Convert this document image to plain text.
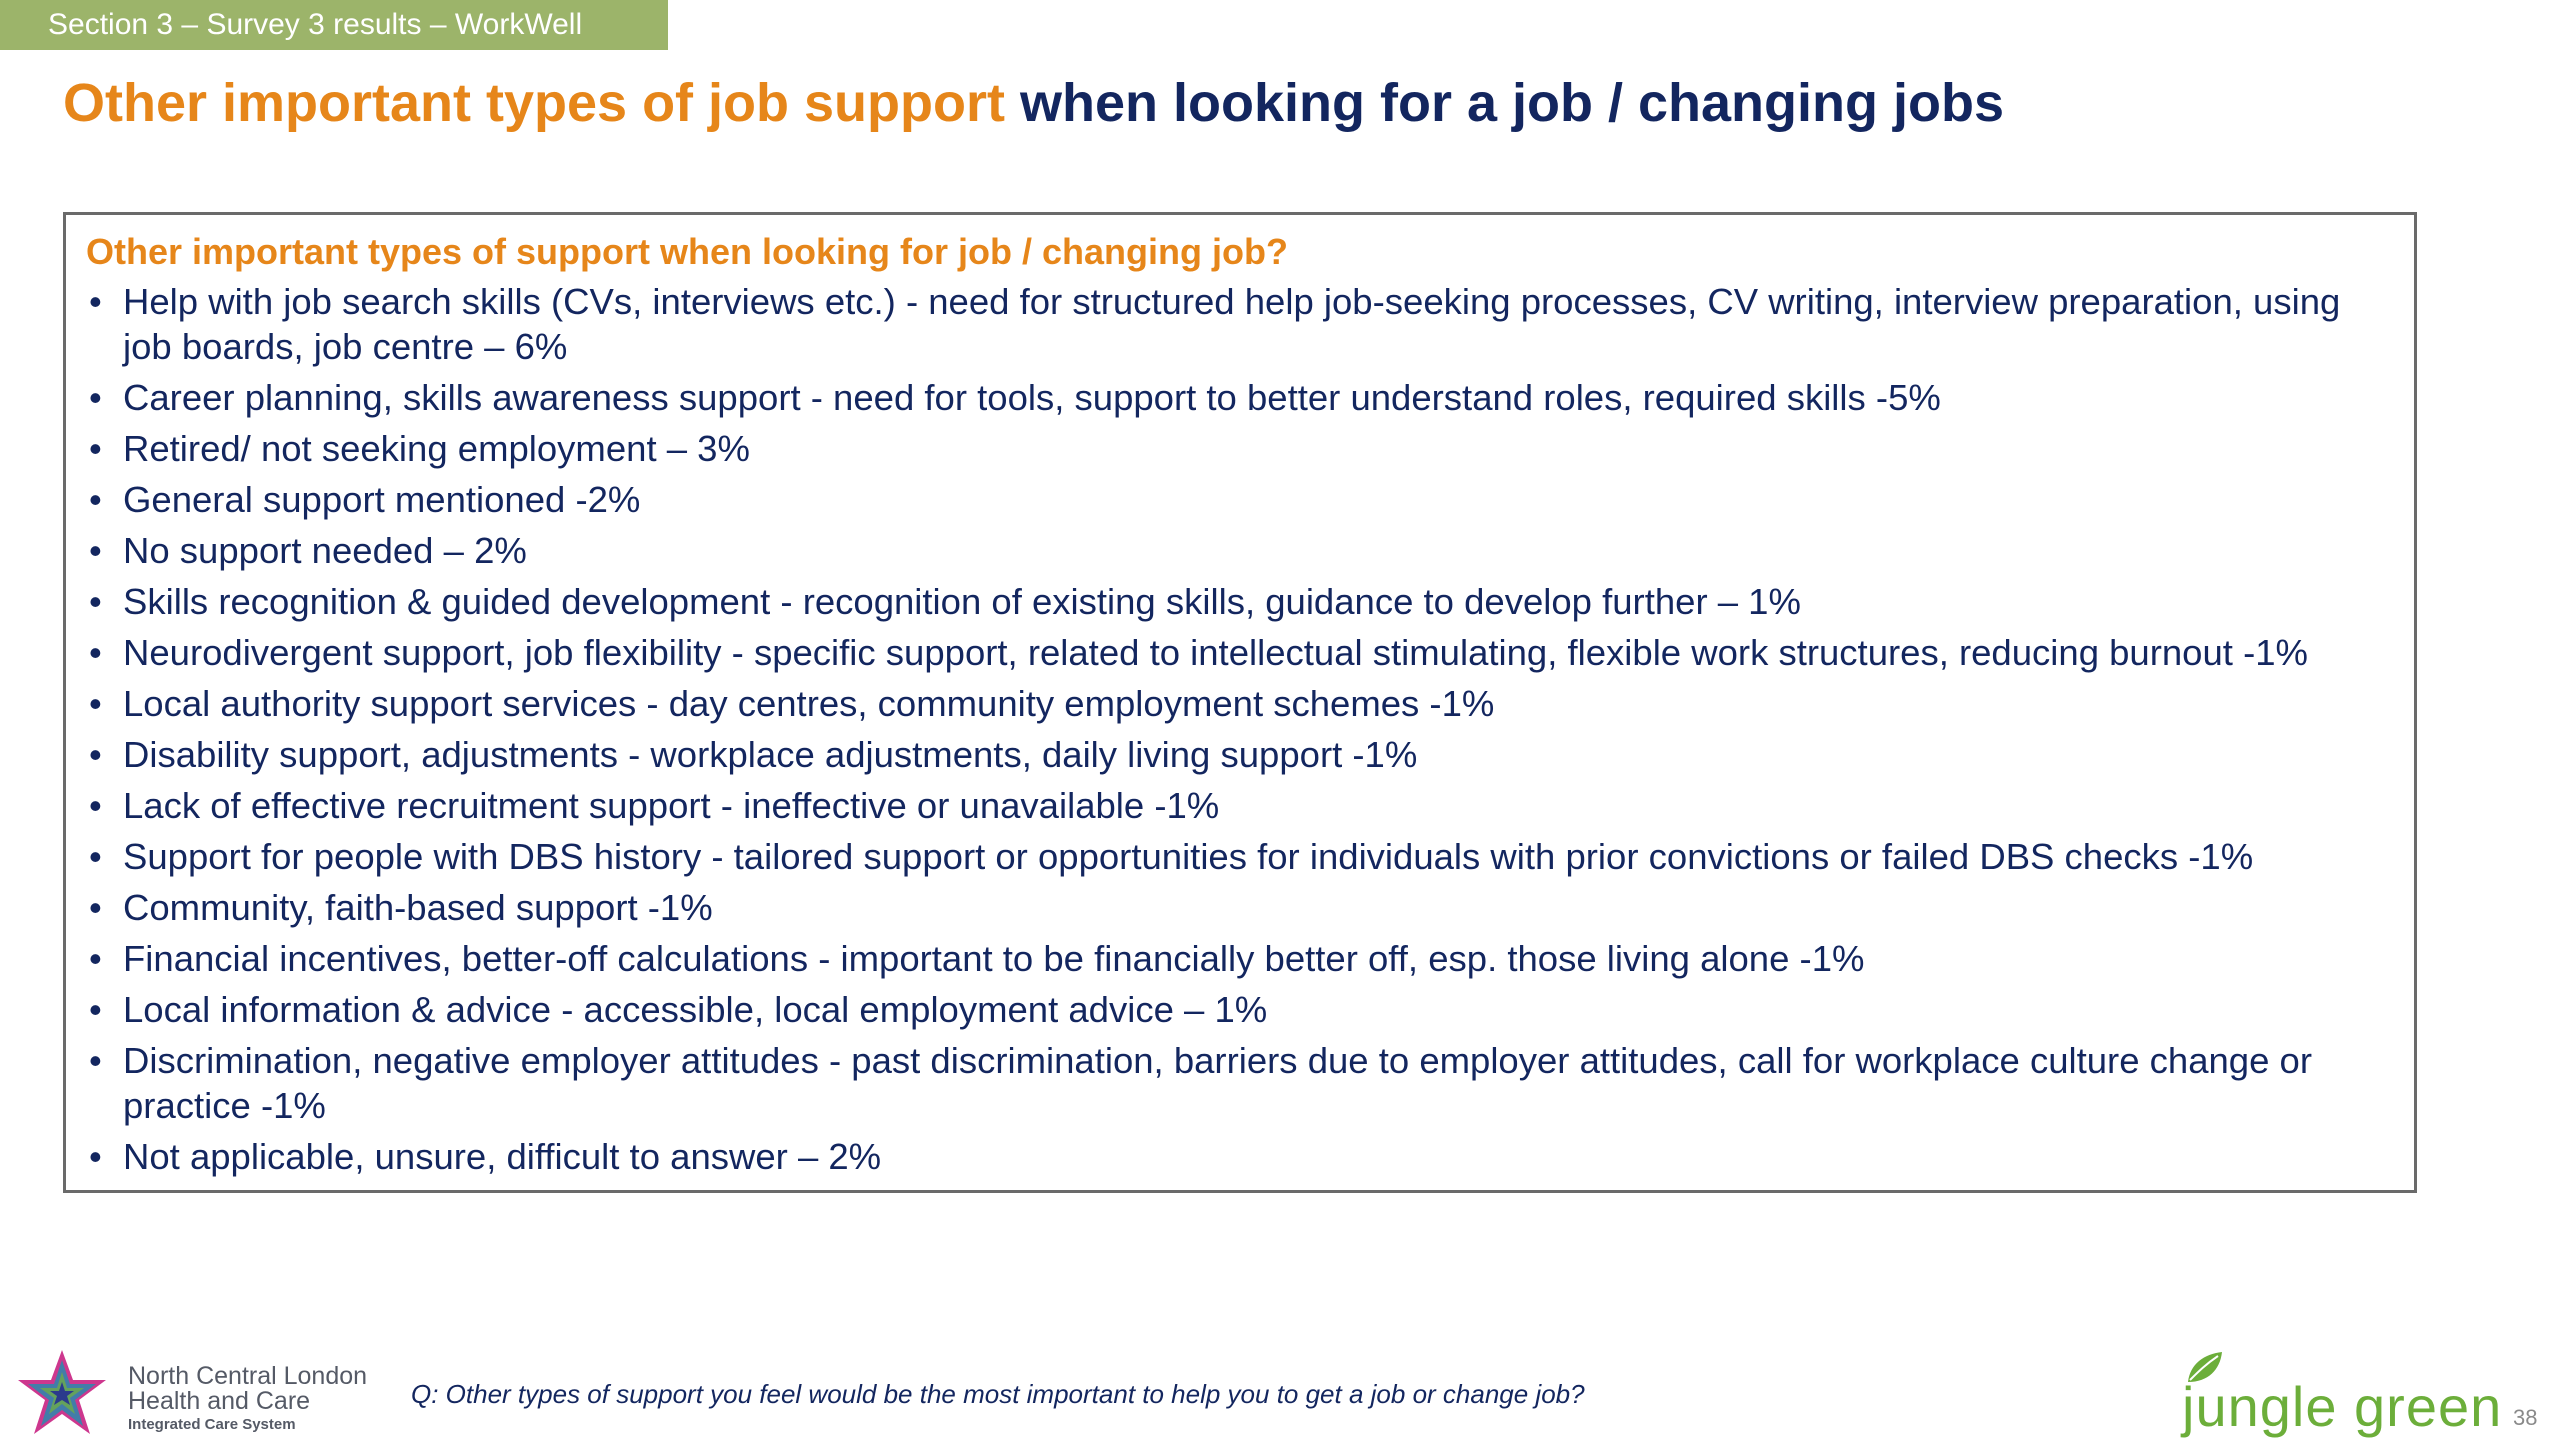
Section 3 – Survey 3 results – WorkWell
Other important types of job support when looking for a job / changing jobs
Other important types of support when looking for job / changing job?
• Help with job search skills (CVs, interviews etc.) - need for structured help job-seeking processes, CV writing, interview preparation, using job boards, job centre – 6%
• Career planning, skills awareness support - need for tools, support to better understand roles, required skills -5%
• Retired/ not seeking employment – 3%
• General support mentioned -2%
• No support needed – 2%
• Skills recognition & guided development - recognition of existing skills, guidance to develop further – 1%
• Neurodivergent support, job flexibility - specific support, related to intellectual stimulating, flexible work structures, reducing burnout -1%
• Local authority support services - day centres, community employment schemes -1%
• Disability support, adjustments - workplace adjustments, daily living support -1%
• Lack of effective recruitment support - ineffective or unavailable -1%
• Support for people with DBS history - tailored support or opportunities for individuals with prior convictions or failed DBS checks -1%
• Community, faith-based support -1%
• Financial incentives, better-off calculations - important to be financially better off, esp. those living alone -1%
• Local information & advice - accessible, local employment advice – 1%
• Discrimination, negative employer attitudes - past discrimination, barriers due to employer attitudes, call for workplace culture change or practice -1%
• Not applicable, unsure, difficult to answer – 2%
North Central London
Health and Care
Integrated Care System
Q: Other types of support you feel would be the most important to help you to get a job or change job?	jungle green 38
